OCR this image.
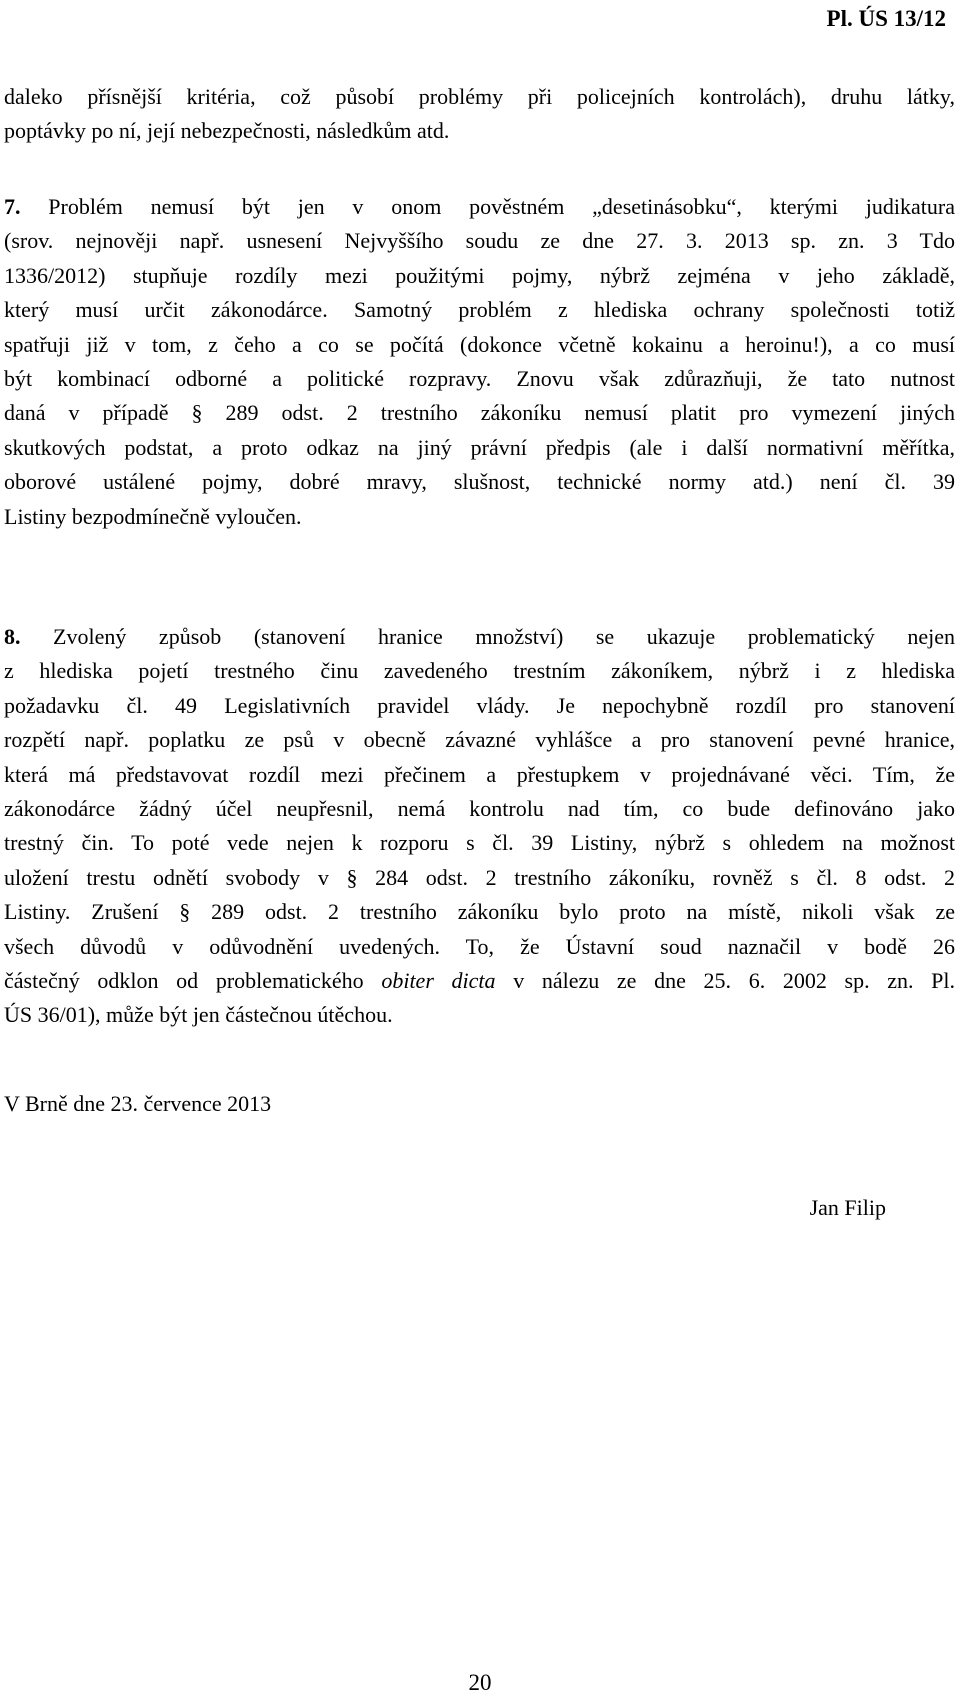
Pl. ÚS 13/12

daleko přísnější kritéria, což působí problémy při policejních kontrolách), druhu látky,
poptávky po ní, její nebezpečnosti, následkům atd.
7. Problém nemusí být jen v onom pověstném „desetinásobku“, kterými judikatura
(srov. nejnověji např. usnesení Nejvyššího soudu ze dne 27. 3. 2013 sp. zn. 3 Tdo
1336/2012) stupňuje rozdíly mezi použitými pojmy, nýbrž zejména v jeho základě,
který musí určit zákonodárce. Samotný problém z hlediska ochrany společnosti totiž
spatřuji již v tom, z čeho a co se počítá (dokonce včetně kokainu a heroinu!), a co musí
být kombinací odborné a politické rozpravy. Znovu však zdůrazňuji, že tato nutnost
daná v případě § 289 odst. 2 trestního zákoníku nemusí platit pro vymezení jiných
skutkových podstat, a proto odkaz na jiný právní předpis (ale i další normativní měřítka,
oborové ustálené pojmy, dobré mravy, slušnost, technické normy atd.) není čl. 39
Listiny bezpodmínečně vyloučen.
8. Zvolený způsob (stanovení hranice množství) se ukazuje problematický nejen
z hlediska pojetí trestného činu zavedeného trestním zákoníkem, nýbrž i z hlediska
požadavku čl. 49 Legislativních pravidel vlády. Je nepochybně rozdíl pro stanovení
rozpětí např. poplatku ze psů v obecně závazné vyhlášce a pro stanovení pevné hranice,
která má představovat rozdíl mezi přečinem a přestupkem v projednávané věci. Tím, že
zákonodárce žádný účel neupřesnil, nemá kontrolu nad tím, co bude definováno jako
trestný čin. To poté vede nejen k rozporu s čl. 39 Listiny, nýbrž s ohledem na možnost
uložení trestu odnětí svobody v § 284 odst. 2 trestního zákoníku, rovněž s čl. 8 odst. 2
Listiny. Zrušení § 289 odst. 2 trestního zákoníku bylo proto na místě, nikoli však ze
všech důvodů v odůvodnění uvedených. To, že Ústavní soud naznačil v bodě 26
částečný odklon od problematického obiter dicta v nálezu ze dne 25. 6. 2002 sp. zn. Pl.
ÚS 36/01), může být jen částečnou útěchou.

V Brně dne 23. července 2013

Jan Filip

20
